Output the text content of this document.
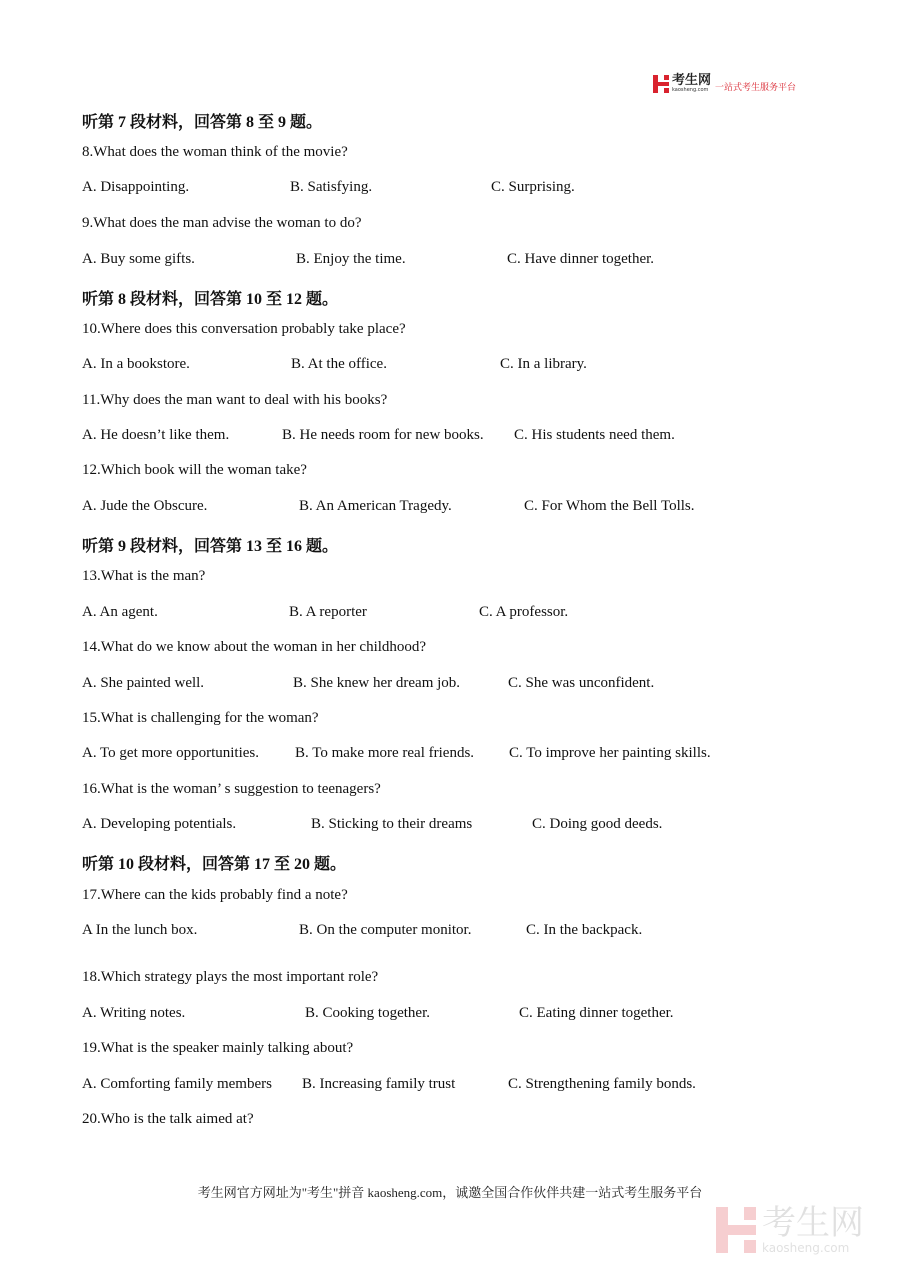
考生网
kaosheng.com 一站式考生服务平台
听第 7 段材料，回答第 8 至 9 题。
8.What does the woman think of the movie?
A. Disappointing.	B. Satisfying.	C. Surprising.
9.What does the man advise the woman to do?
A. Buy some gifts.	B. Enjoy the time.	C. Have dinner together.
听第 8 段材料，回答第 10 至 12 题。
10.Where does this conversation probably take place?
A. In a bookstore.	B. At the office.	C. In a library.
11.Why does the man want to deal with his books?
A. He doesn’t like them.	B. He needs room for new books. C. His students need them.
12.Which book will the woman take?
A. Jude the Obscure.	B. An American Tragedy.	C. For Whom the Bell Tolls.
听第 9 段材料，回答第 13 至 16 题。
13.What is the man?
A. An agent.	B. A reporter	C. A professor.
14.What do we know about the woman in her childhood?
A. She painted well.	B. She knew her dream job.	C. She was unconfident.
15.What is challenging for the woman?
A. To get more opportunities. B. To make more real friends. C. To improve her painting skills.
16.What is the woman’ s suggestion to teenagers?
A. Developing potentials.	B. Sticking to their dreams	C. Doing good deeds.
听第 10 段材料，回答第 17 至 20 题。
17.Where can the kids probably find a note?
A In the lunch box.	B. On the computer monitor.	C. In the backpack.
18.Which strategy plays the most important role?
A. Writing notes.	B. Cooking together.	C. Eating dinner together.
19.What is the speaker mainly talking about?
A. Comforting family members B. Increasing family trust	C. Strengthening family bonds.
20.Who is the talk aimed at?
考生网官方网址为"考生"拼音 kaosheng.com，诚邀全国合作伙伴共建一站式考生服务平台
考生网
kaosheng.com
